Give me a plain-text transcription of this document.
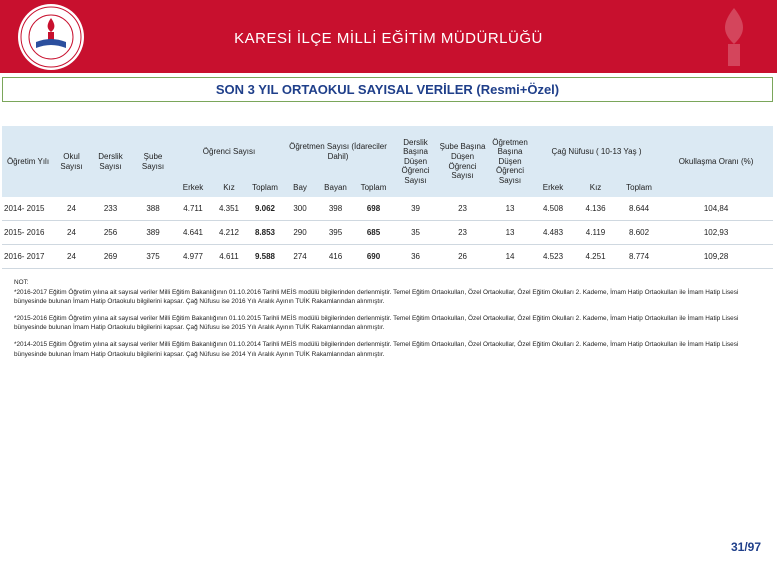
KARESİ İLÇE MİLLİ EĞİTİM MÜDÜRLÜĞÜ
SON 3 YIL ORTAOKUL SAYISAL VERİLER (Resmi+Özel)
Öğretim Yılı	Okul Sayısı	Derslik Sayısı	Şube Sayısı	Öğrenci Sayısı			Öğretmen Sayısı (İdareciler Dahil)			Derslik Başına Düşen Öğrenci Sayısı	Şube Başına Düşen Öğrenci Sayısı	Öğretmen Başına Düşen Öğrenci Sayısı	Çağ Nüfusu ( 10-13 Yaş )			Okullaşma Oranı (%)
				Erkek	Kız	Toplam	Bay	Bayan	Toplam				Erkek	Kız	Toplam	
2014- 2015	24	233	388	4.711	4.351	9.062	300	398	698	39	23	13	4.508	4.136	8.644	104,84
2015- 2016	24	256	389	4.641	4.212	8.853	290	395	685	35	23	13	4.483	4.119	8.602	102,93
2016- 2017	24	269	375	4.977	4.611	9.588	274	416	690	36	26	14	4.523	4.251	8.774	109,28
NOT:

*2016-2017 Eğitim Öğretim yılına ait sayısal veriler Milli Eğitim Bakanlığının 01.10.2016 Tarihli MEİS modülü bilgilerinden derlenmiştir. Temel Eğitim Ortaokulları, Özel Ortaokullar, Özel Eğitim Okulları 2. Kademe, İmam Hatip Ortaokulları ile İmam Hatip Lisesi bünyesinde bulunan İmam Hatip Ortaokulu bilgilerini kapsar. Çağ Nüfusu ise 2016 Yılı Aralık Ayının TUİK Rakamlarından alınmıştır.

*2015-2016 Eğitim Öğretim yılına ait sayısal veriler Milli Eğitim Bakanlığının 01.10.2015 Tarihli MEİS modülü bilgilerinden derlenmiştir. Temel Eğitim Ortaokulları, Özel Ortaokullar, Özel Eğitim Okulları 2. Kademe, İmam Hatip Ortaokulları ile İmam Hatip Lisesi bünyesinde bulunan İmam Hatip Ortaokulu bilgilerini kapsar. Çağ Nüfusu ise 2015 Yılı Aralık Ayının TUİK Rakamlarından alınmıştır.

*2014-2015 Eğitim Öğretim yılına ait sayısal veriler Milli Eğitim Bakanlığının 01.10.2014 Tarihli MEİS modülü bilgilerinden derlenmiştir. Temel Eğitim Ortaokulları, Özel Ortaokullar, Özel Eğitim Okulları 2. Kademe, İmam Hatip Ortaokulları ile İmam Hatip Lisesi bünyesinde bulunan İmam Hatip Ortaokulu bilgilerini kapsar. Çağ Nüfusu ise 2014 Yılı Aralık Ayının TUİK Rakamlarından alınmıştır.

31/97
